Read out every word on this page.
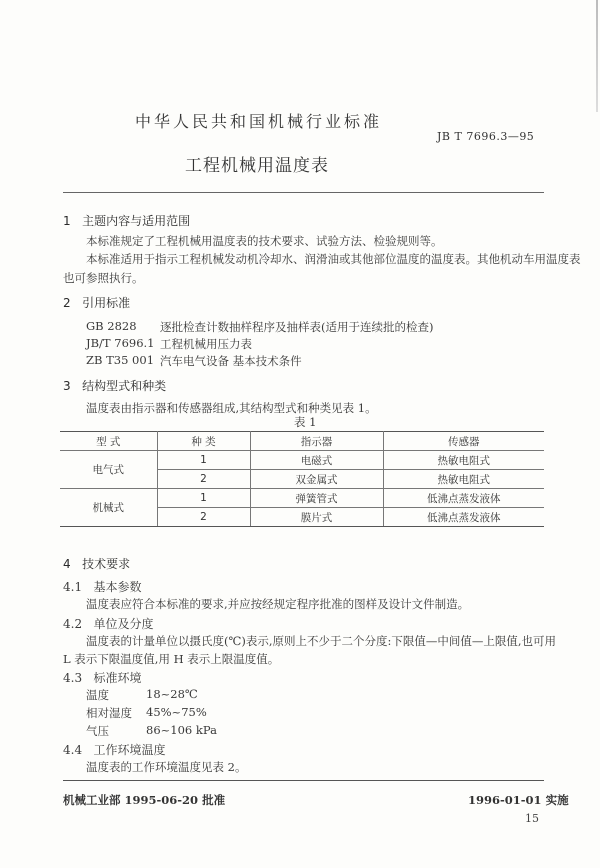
中华人民共和国机械行业标准
JB T 7696.3—95
工程机械用温度表
1 主题内容与适用范围
本标准规定了工程机械用温度表的技术要求、试验方法、检验规则等。
本标准适用于指示工程机械发动机冷却水、润滑油或其他部位温度的温度表。其他机动车用温度表
也可参照执行。
2 引用标准
GB 2828 逐批检查计数抽样程序及抽样表(适用于连续批的检查)
JB/T 7696.1 工程机械用压力表
ZB T35 001 汽车电气设备 基本技术条件
3 结构型式和种类
温度表由指示器和传感器组成,其结构型式和种类见表 1。
表 1
型 式	种 类	指示器	传感器
电气式	1	电磁式	热敏电阻式
	2	双金属式	热敏电阻式
机械式	1	弹簧管式	低沸点蒸发液体
	2	膜片式	低沸点蒸发液体
4 技术要求
4.1 基本参数
温度表应符合本标准的要求,并应按经规定程序批准的图样及设计文件制造。
4.2 单位及分度
温度表的计量单位以摄氏度(℃)表示,原则上不少于二个分度:下限值—中间值—上限值,也可用
L 表示下限温度值,用 H 表示上限温度值。
4.3 标准环境
温度	18~28℃
相对湿度 45%~75%
气压	86~106 kPa
4.4 工作环境温度
温度表的工作环境温度见表 2。
机械工业部 1995-06-20 批准	1996-01-01 实施
15
